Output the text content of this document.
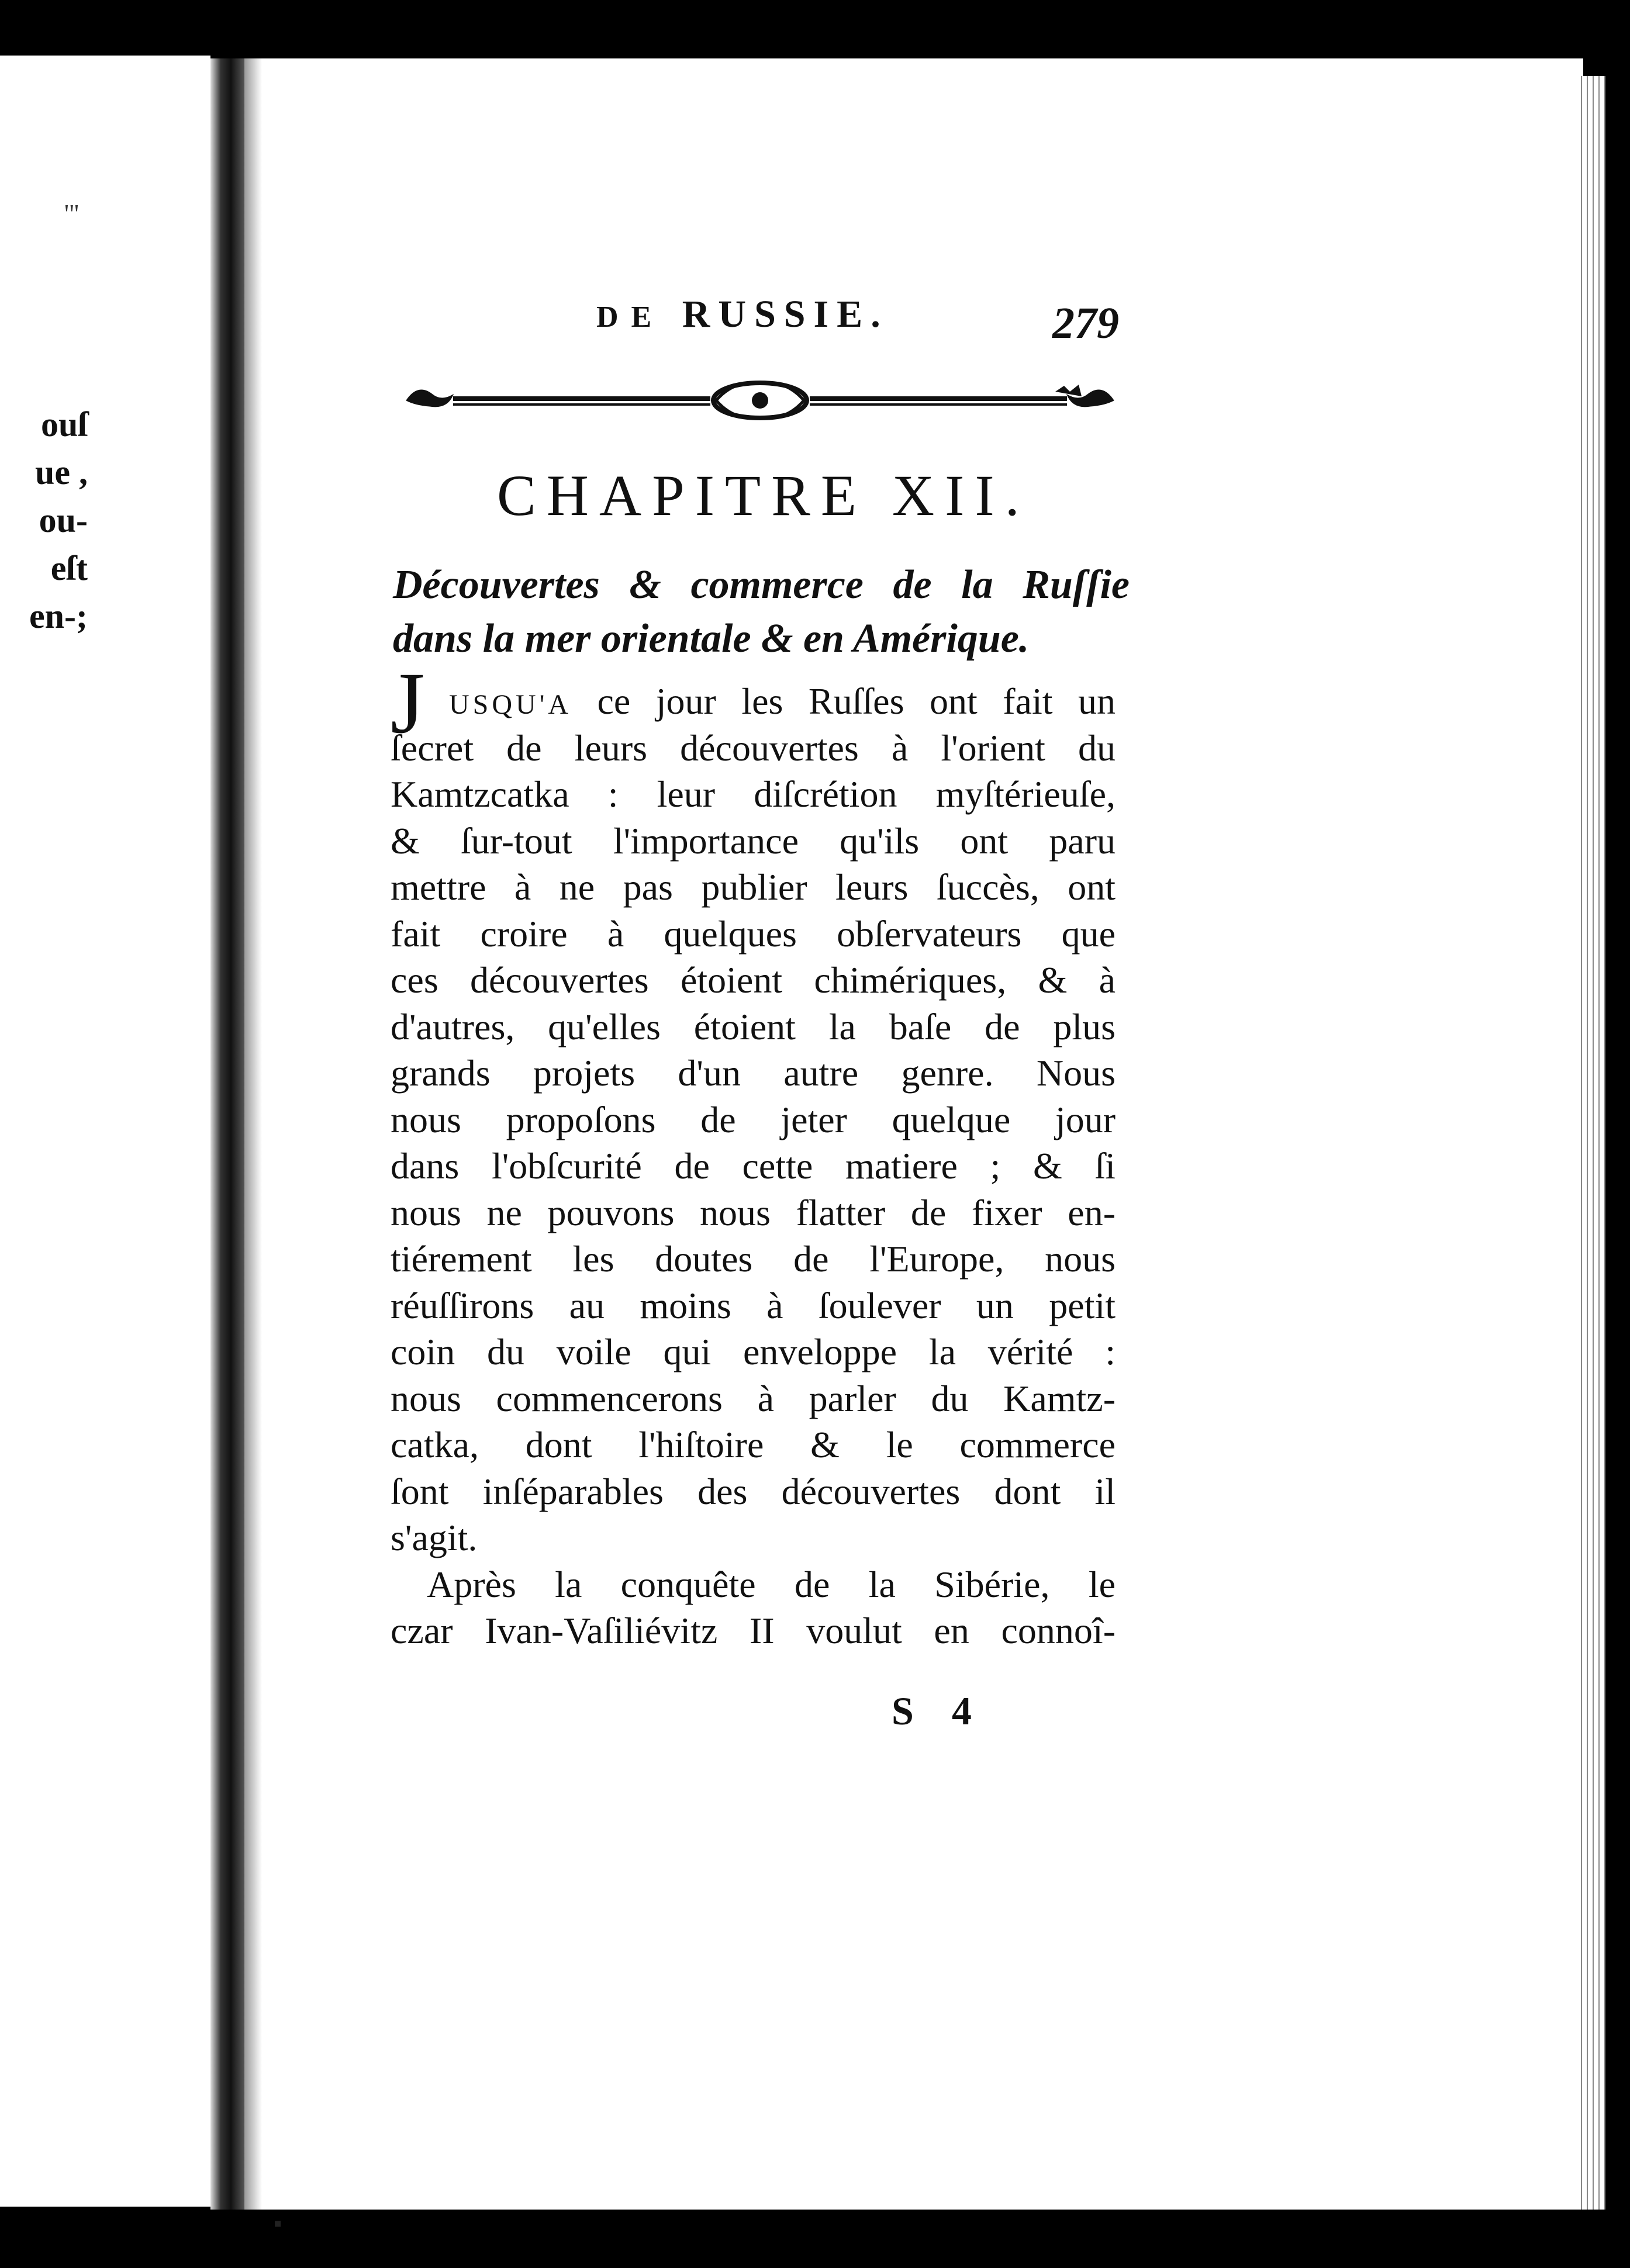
'"
ouſ
ue ,
ou-
eſt
en-;
DE RUSSIE.	279
CHAPITRE XII.
Découvertes & commerce de la Ruſſie
dans la mer orientale & en Amérique.
J USQU'A ce jour les Ruſſes ont fait un
ſecret de leurs découvertes à l'orient du
Kamtzcatka : leur diſcrétion myſtérieuſe,
& ſur-tout l'importance qu'ils ont paru
mettre à ne pas publier leurs ſuccès, ont
fait croire à quelques obſervateurs que
ces découvertes étoient chimériques, & à
d'autres, qu'elles étoient la baſe de plus
grands projets d'un autre genre. Nous
nous propoſons de jeter quelque jour
dans l'obſcurité de cette matiere ; & ſi
nous ne pouvons nous flatter de fixer en-
tiérement les doutes de l'Europe, nous
réuſſirons au moins à ſoulever un petit
coin du voile qui enveloppe la vérité :
nous commencerons à parler du Kamtz-
catka, dont l'hiſtoire & le commerce
ſont inſéparables des découvertes dont il
s'agit.
Après la conquête de la Sibérie, le
czar Ivan-Vaſiliévitz II voulut en connoî-
S 4
▪
